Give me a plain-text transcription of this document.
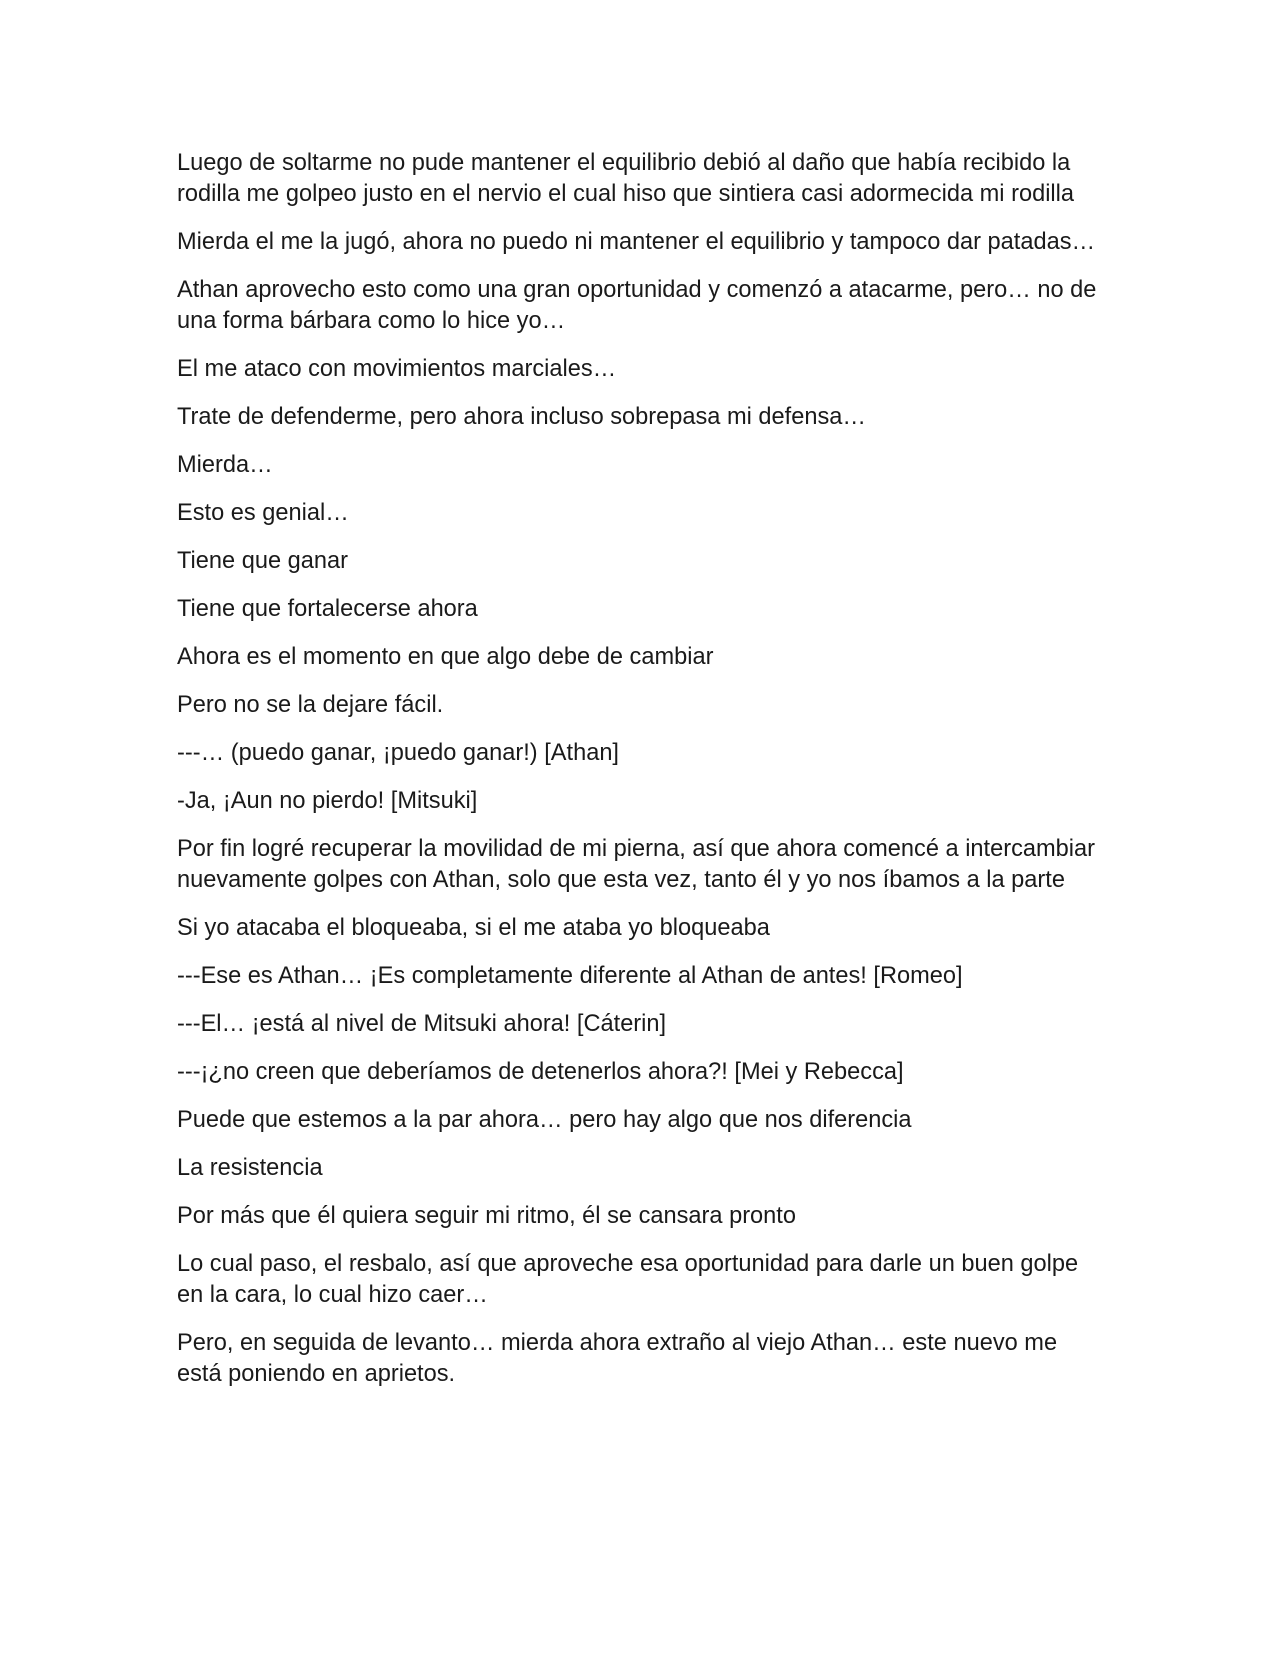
Luego de soltarme no pude mantener el equilibrio debió al daño que había recibido la rodilla me golpeo justo en el nervio el cual hiso que sintiera casi adormecida mi rodilla

Mierda el me la jugó, ahora no puedo ni mantener el equilibrio y tampoco dar patadas…

Athan aprovecho esto como una gran oportunidad y comenzó a atacarme, pero… no de una forma bárbara como lo hice yo…

El me ataco con movimientos marciales…

Trate de defenderme, pero ahora incluso sobrepasa mi defensa…

Mierda…

Esto es genial…

Tiene que ganar

Tiene que fortalecerse ahora

Ahora es el momento en que algo debe de cambiar

Pero no se la dejare fácil.

---… (puedo ganar, ¡puedo ganar!) [Athan]

-Ja, ¡Aun no pierdo! [Mitsuki]

Por fin logré recuperar la movilidad de mi pierna, así que ahora comencé a intercambiar nuevamente golpes con Athan, solo que esta vez, tanto él y yo nos íbamos a la parte

Si yo atacaba el bloqueaba, si el me ataba yo bloqueaba

---Ese es Athan… ¡Es completamente diferente al Athan de antes! [Romeo]

---El… ¡está al nivel de Mitsuki ahora! [Cáterin]

---¡¿no creen que deberíamos de detenerlos ahora?! [Mei y Rebecca]

Puede que estemos a la par ahora… pero hay algo que nos diferencia

La resistencia

Por más que él quiera seguir mi ritmo, él se cansara pronto

Lo cual paso, el resbalo, así que aproveche esa oportunidad para darle un buen golpe en la cara, lo cual hizo caer…

Pero, en seguida de levanto… mierda ahora extraño al viejo Athan… este nuevo me está poniendo en aprietos.
